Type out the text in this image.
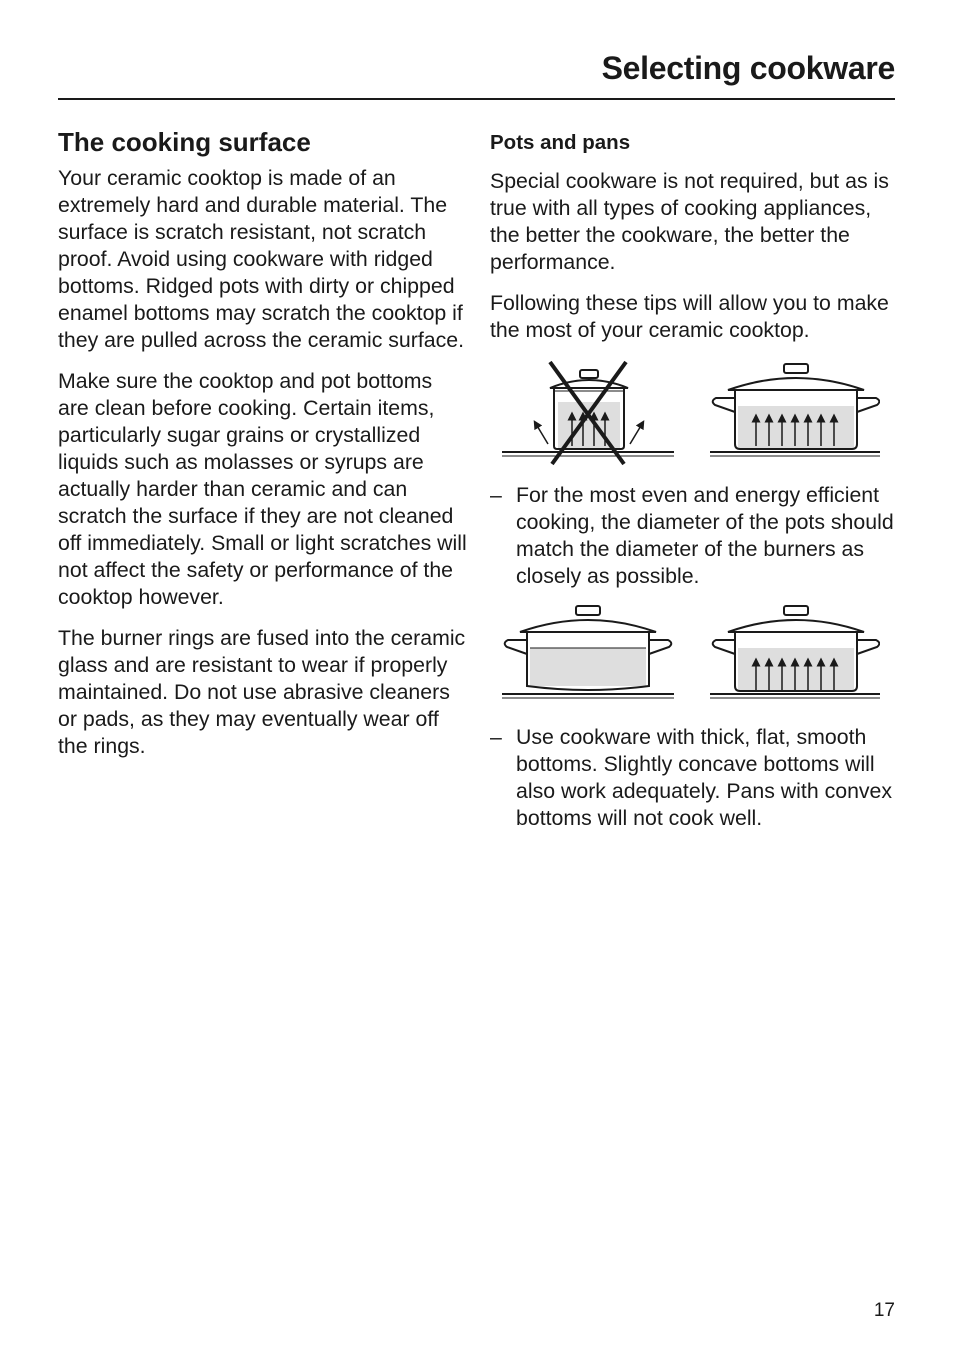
Selecting cookware
The cooking surface

Your ceramic cooktop is made of an extremely hard and durable material. The surface is scratch resistant, not scratch proof. Avoid using cookware with ridged bottoms. Ridged pots with dirty or chipped enamel bottoms may scratch the cooktop if they are pulled across the ceramic surface.

Make sure the cooktop and pot bottoms are clean before cooking. Certain items, particularly sugar grains or crystallized liquids such as molasses or syrups are actually harder than ceramic and can scratch the surface if they are not cleaned off immediately. Small or light scratches will not affect the safety or performance of the cooktop however.

The burner rings are fused into the ceramic glass and are resistant to wear if properly maintained. Do not use abrasive cleaners or pads, as they may eventually wear off the rings.

Pots and pans

Special cookware is not required, but as is true with all types of cooking appliances, the better the cookware, the better the performance.

Following these tips will allow you to make the most of your ceramic cooktop.

– For the most even and energy efficient cooking, the diameter of the pots should match the diameter of the burners as closely as possible.
– Use cookware with thick, flat, smooth bottoms. Slightly concave bottoms will also work adequately. Pans with convex bottoms will not cook well.
17
